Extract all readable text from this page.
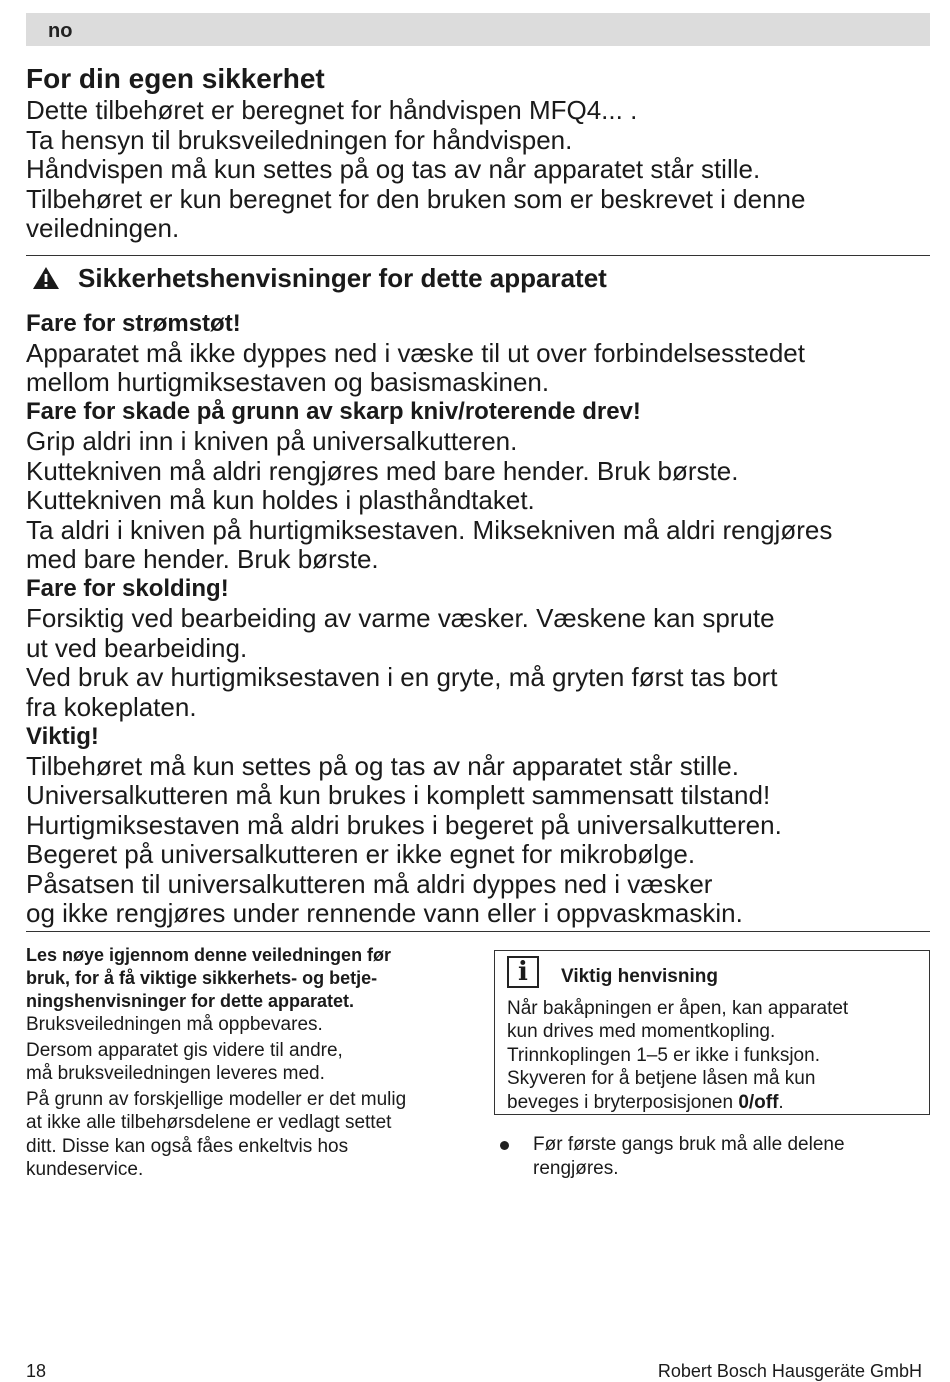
no
For din egen sikkerhet

Dette tilbehøret er beregnet for håndvispen MFQ4... .

Ta hensyn til bruksveiledningen for håndvispen.

Håndvispen må kun settes på og tas av når apparatet står stille.

Tilbehøret er kun beregnet for den bruken som er beskrevet i denne

veiledningen.

Sikkerhetshenvisninger for dette apparatet

Fare for strømstøt!

Apparatet må ikke dyppes ned i væske til ut over forbindelsesstedet

mellom hurtigmiksestaven og basismaskinen.

Fare for skade på grunn av skarp kniv/roterende drev!

Grip aldri inn i kniven på universalkutteren.

Kuttekniven må aldri rengjøres med bare hender. Bruk børste.

Kuttekniven må kun holdes i plasthåndtaket.

Ta aldri i kniven på hurtigmiksestaven. Miksekniven må aldri rengjøres

med bare hender. Bruk børste.

Fare for skolding!

Forsiktig ved bearbeiding av varme væsker. Væskene kan sprute

ut ved bearbeiding.

Ved bruk av hurtigmiksestaven i en gryte, må gryten først tas bort

fra kokeplaten.

Viktig!

Tilbehøret må kun settes på og tas av når apparatet står stille.

Universalkutteren må kun brukes i komplett sammensatt tilstand!

Hurtigmiksestaven må aldri brukes i begeret på universalkutteren.

Begeret på universalkutteren er ikke egnet for mikrobølge.

Påsatsen til universalkutteren må aldri dyppes ned i væsker

og ikke rengjøres under rennende vann eller i oppvaskmaskin.

Les nøye igjennom denne veiledningen før

bruk, for å få viktige sikkerhets- og betje-

ningshenvisninger for dette apparatet.

Bruksveiledningen må oppbevares.

Dersom apparatet gis videre til andre,

må bruksveiledningen leveres med.

På grunn av forskjellige modeller er det mulig

at ikke alle tilbehørsdelene er vedlagt settet

ditt. Disse kan også fåes enkeltvis hos

kundeservice.

i	Viktig henvisning

Når bakåpningen er åpen, kan apparatet

kun drives med momentkopling.

Trinnkoplingen 1–5 er ikke i funksjon.

Skyveren for å betjene låsen må kun

beveges i bryterposisjonen 0/off.

Før første gangs bruk må alle delene

rengjøres.

18	Robert Bosch Hausgeräte GmbH
